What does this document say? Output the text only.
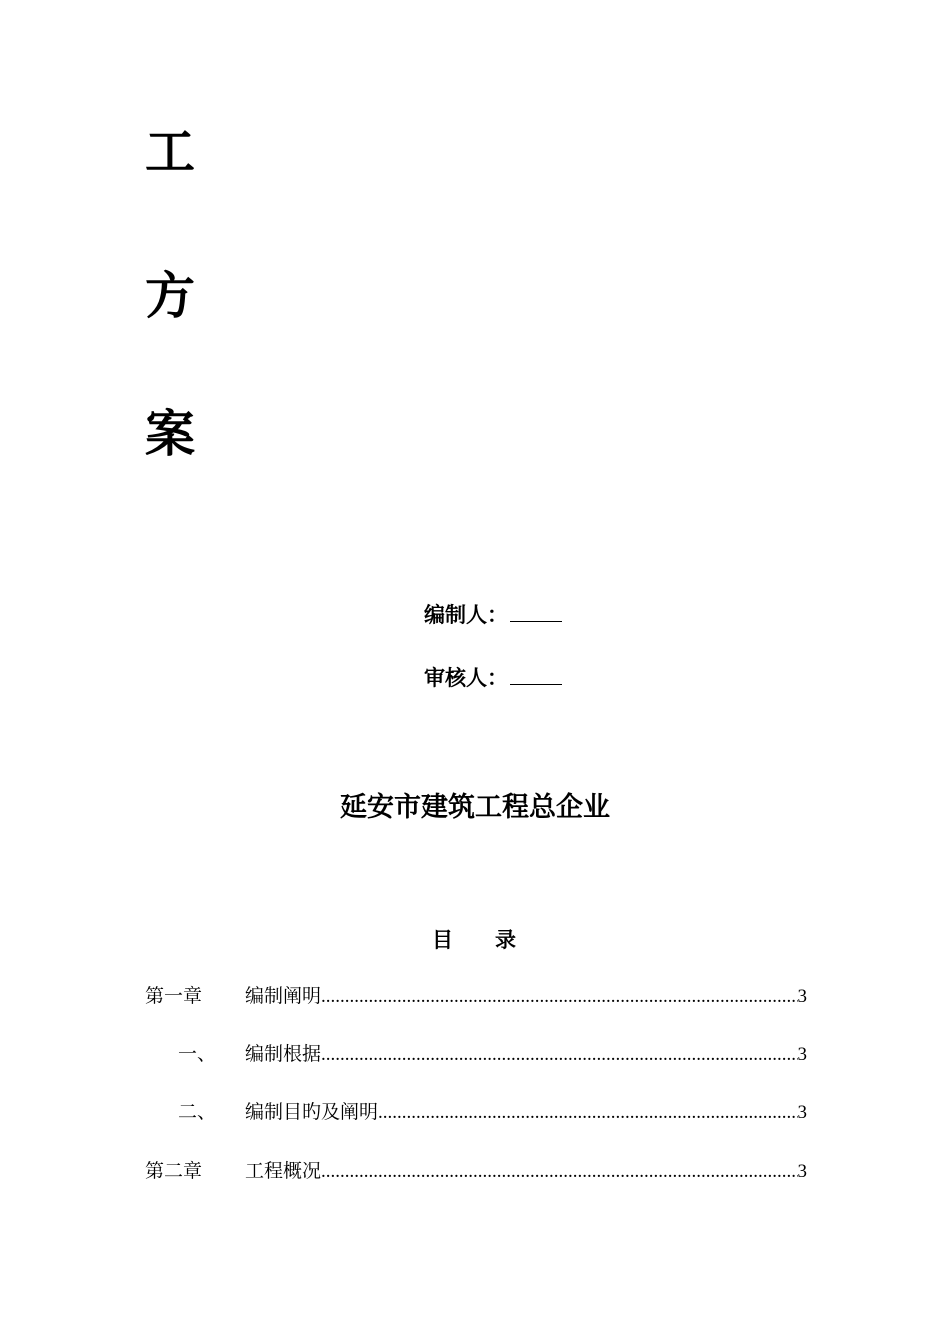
工
方
案
编制人：
审核人：
延安市建筑工程总企业
目 录
第一章	编制阐明 .....	3
一、	编制根据 .....	3
二、	编制目旳及阐明 .....	3
第二章	工程概况 .....	3
